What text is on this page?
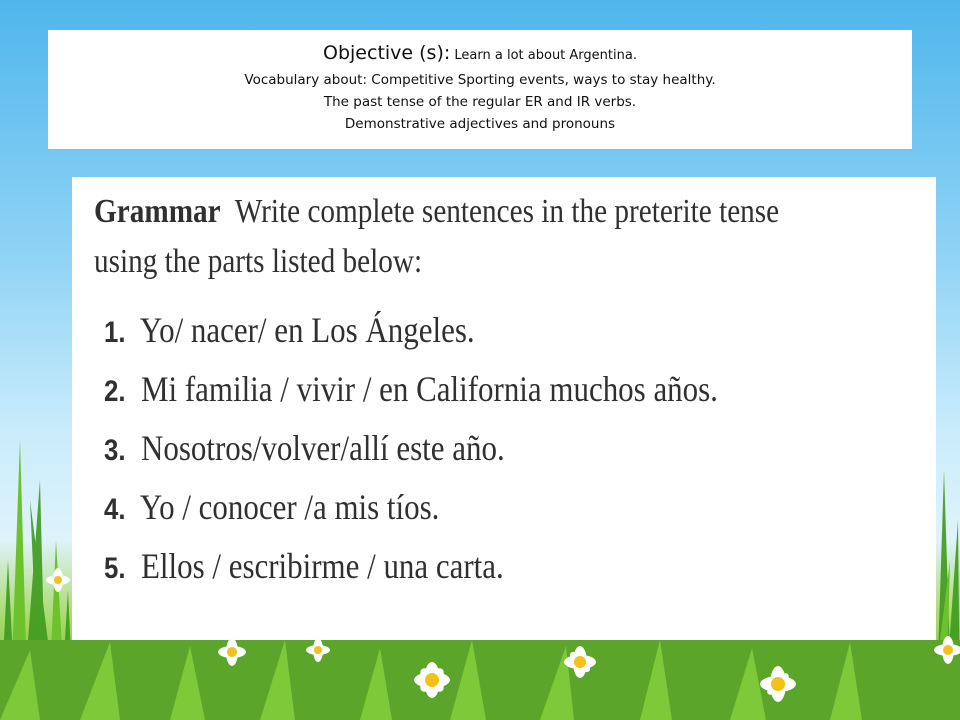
Objective (s): Learn a lot about Argentina.
Vocabulary about: Competitive Sporting events, ways to stay healthy.
The past tense of the regular ER and IR verbs.
Demonstrative adjectives and pronouns

Grammar Write complete sentences in the preterite tense using the parts listed below:

1. Yo/ nacer/ en Los Ángeles.
2. Mi familia / vivir / en California muchos años.
3. Nosotros/volver/allí este año.
4. Yo / conocer /a mis tíos.
5. Ellos / escribirme / una carta.
